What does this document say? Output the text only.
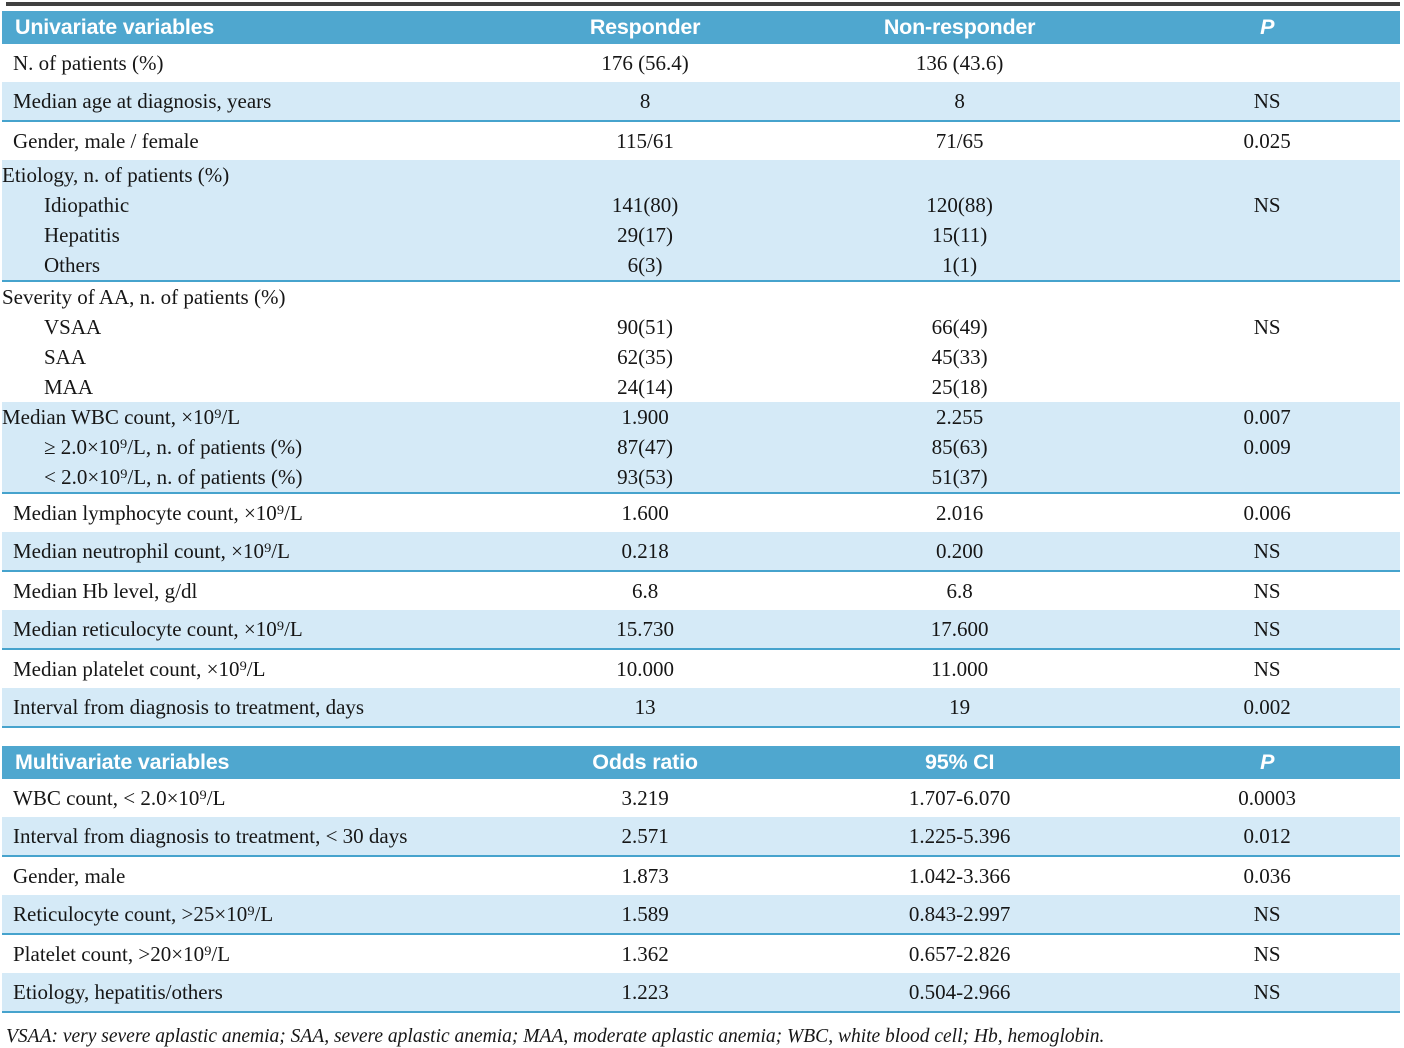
Univariate variables	Responder	Non-responder	P
N. of patients (%)	176 (56.4)	136 (43.6)	
Median age at diagnosis, years	8	8	NS
Gender, male / female	115/61	71/65	0.025
Etiology, n. of patients (%)			
Idiopathic	141(80)	120(88)	NS
Hepatitis	29(17)	15(11)	
Others	6(3)	1(1)	
Severity of AA, n. of patients (%)			
VSAA	90(51)	66(49)	NS
SAA	62(35)	45(33)	
MAA	24(14)	25(18)	
Median WBC count, ×10⁹/L	1.900	2.255	0.007
≥ 2.0×10⁹/L, n. of patients (%)	87(47)	85(63)	0.009
< 2.0×10⁹/L, n. of patients (%)	93(53)	51(37)	
Median lymphocyte count, ×10⁹/L	1.600	2.016	0.006
Median neutrophil count, ×10⁹/L	0.218	0.200	NS
Median Hb level, g/dl	6.8	6.8	NS
Median reticulocyte count, ×10⁹/L	15.730	17.600	NS
Median platelet count, ×10⁹/L	10.000	11.000	NS
Interval from diagnosis to treatment, days	13	19	0.002
Multivariate variables	Odds ratio	95% CI	P
WBC count, < 2.0×10⁹/L	3.219	1.707-6.070	0.0003
Interval from diagnosis to treatment, < 30 days	2.571	1.225-5.396	0.012
Gender, male	1.873	1.042-3.366	0.036
Reticulocyte count, >25×10⁹/L	1.589	0.843-2.997	NS
Platelet count, >20×10⁹/L	1.362	0.657-2.826	NS
Etiology, hepatitis/others	1.223	0.504-2.966	NS
VSAA: very severe aplastic anemia; SAA, severe aplastic anemia; MAA, moderate aplastic anemia; WBC, white blood cell; Hb, hemoglobin.
